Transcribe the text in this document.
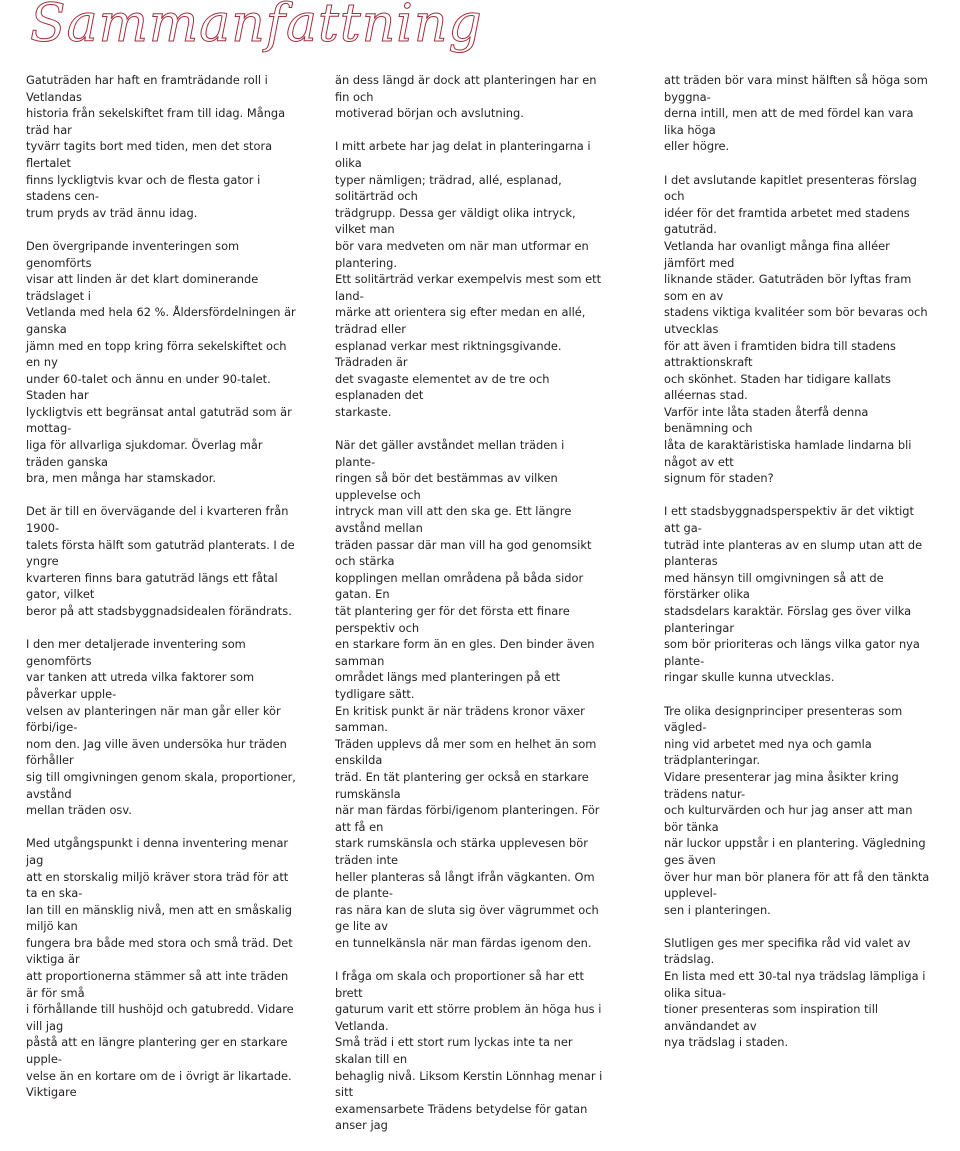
Sammanfattning

Gatuträden har haft en framträdande roll i Vetlandas
historia från sekelskiftet fram till idag. Många träd har
tyvärr tagits bort med tiden, men det stora flertalet
finns lyckligtvis kvar och de flesta gator i stadens cen-
trum pryds av träd ännu idag.

Den övergripande inventeringen som genomförts
visar att linden är det klart dominerande trädslaget i
Vetlanda med hela 62 %. Åldersfördelningen är ganska
jämn med en topp kring förra sekelskiftet och en ny
under 60-talet och ännu en under 90-talet. Staden har
lyckligtvis ett begränsat antal gatuträd som är mottag-
liga för allvarliga sjukdomar. Överlag mår träden ganska
bra, men många har stamskador.

Det är till en övervägande del i kvarteren från 1900-
talets första hälft som gatuträd planterats. I de yngre
kvarteren finns bara gatuträd längs ett fåtal gator, vilket
beror på att stadsbyggnadsidealen förändrats.

I den mer detaljerade inventering som genomförts
var tanken att utreda vilka faktorer som påverkar upple-
velsen av planteringen när man går eller kör förbi/ige-
nom den. Jag ville även undersöka hur träden förhåller
sig till omgivningen genom skala, proportioner, avstånd
mellan träden osv.

Med utgångspunkt i denna inventering menar jag
att en storskalig miljö kräver stora träd för att ta en ska-
lan till en mänsklig nivå, men att en småskalig miljö kan
fungera bra både med stora och små träd. Det viktiga är
att proportionerna stämmer så att inte träden är för små
i förhållande till hushöjd och gatubredd. Vidare vill jag
påstå att en längre plantering ger en starkare upple-
velse än en kortare om de i övrigt är likartade. Viktigare

än dess längd är dock att planteringen har en fin och
motiverad början och avslutning.

I mitt arbete har jag delat in planteringarna i olika
typer nämligen; trädrad, allé, esplanad, solitärträd och
trädgrupp. Dessa ger väldigt olika intryck, vilket man
bör vara medveten om när man utformar en plantering.
Ett solitärträd verkar exempelvis mest som ett land-
märke att orientera sig efter medan en allé, trädrad eller
esplanad verkar mest riktningsgivande. Trädraden är
det svagaste elementet av de tre och esplanaden det
starkaste.

När det gäller avståndet mellan träden i plante-
ringen så bör det bestämmas av vilken upplevelse och
intryck man vill att den ska ge. Ett längre avstånd mellan
träden passar där man vill ha god genomsikt och stärka
kopplingen mellan områdena på båda sidor gatan. En
tät plantering ger för det första ett finare perspektiv och
en starkare form än en gles. Den binder även samman
området längs med planteringen på ett tydligare sätt.
En kritisk punkt är när trädens kronor växer samman.
Träden upplevs då mer som en helhet än som enskilda
träd. En tät plantering ger också en starkare rumskänsla
när man färdas förbi/igenom planteringen. För att få en
stark rumskänsla och stärka upplevesen bör träden inte
heller planteras så långt ifrån vägkanten. Om de plante-
ras nära kan de sluta sig över vägrummet och ge lite av
en tunnelkänsla när man färdas igenom den.

I fråga om skala och proportioner så har ett brett
gaturum varit ett större problem än höga hus i Vetlanda.
Små träd i ett stort rum lyckas inte ta ner skalan till en
behaglig nivå. Liksom Kerstin Lönnhag menar i sitt
examensarbete Trädens betydelse för gatan anser jag

att träden bör vara minst hälften så höga som byggna-
derna intill, men att de med fördel kan vara lika höga
eller högre.

I det avslutande kapitlet presenteras förslag och
idéer för det framtida arbetet med stadens gatuträd.
Vetlanda har ovanligt många fina alléer jämfört med
liknande städer. Gatuträden bör lyftas fram som en av
stadens viktiga kvalitéer som bör bevaras och utvecklas
för att även i framtiden bidra till stadens attraktionskraft
och skönhet. Staden har tidigare kallats alléernas stad.
Varför inte låta staden återfå denna benämning och
låta de karaktäristiska hamlade lindarna bli något av ett
signum för staden?

I ett stadsbyggnadsperspektiv är det viktigt att ga-
tuträd inte planteras av en slump utan att de planteras
med hänsyn till omgivningen så att de förstärker olika
stadsdelars karaktär. Förslag ges över vilka planteringar
som bör prioriteras och längs vilka gator nya plante-
ringar skulle kunna utvecklas.

Tre olika designprinciper presenteras som vägled-
ning vid arbetet med nya och gamla trädplanteringar.
Vidare presenterar jag mina åsikter kring trädens natur-
och kulturvärden och hur jag anser att man bör tänka
när luckor uppstår i en plantering. Vägledning ges även
över hur man bör planera för att få den tänkta upplevel-
sen i planteringen.

Slutligen ges mer specifika råd vid valet av trädslag.
En lista med ett 30-tal nya trädslag lämpliga i olika situa-
tioner presenteras som inspiration till användandet av
nya trädslag i staden.
